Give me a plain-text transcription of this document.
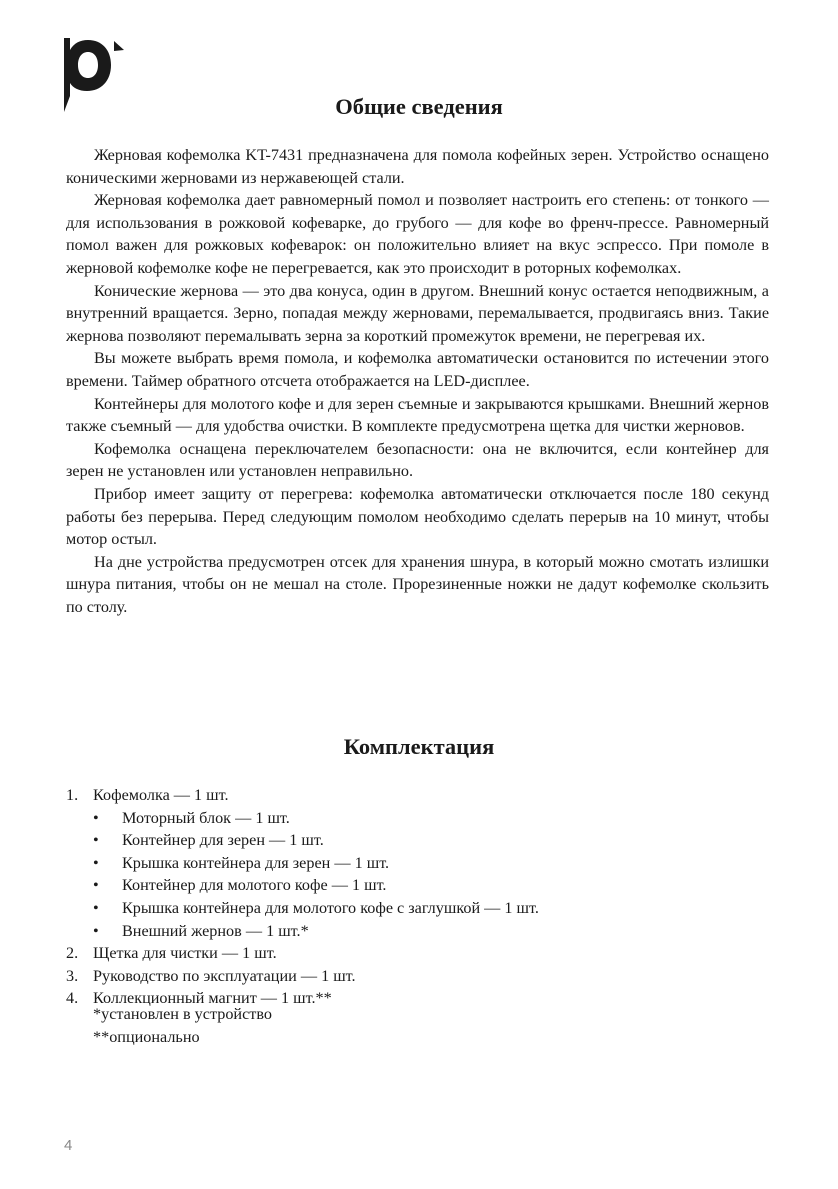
Общие сведения

Жерновая кофемолка KT-7431 предназначена для помола кофейных зерен. Устройство оснащено коническими жерновами из нержавеющей стали.

Жерновая кофемолка дает равномерный помол и позволяет настроить его степень: от тонкого — для использования в рожковой кофеварке, до грубого — для кофе во френч-прессе. Равномерный помол важен для рожковых кофеварок: он положительно влияет на вкус эспрессо. При помоле в жерновой кофемолке кофе не перегревается, как это происходит в роторных кофемолках.

Конические жернова — это два конуса, один в другом. Внешний конус остается неподвижным, а внутренний вращается. Зерно, попадая между жерновами, перемалывается, продвигаясь вниз. Такие жернова позволяют перемалывать зерна за короткий промежуток времени, не перегревая их.

Вы можете выбрать время помола, и кофемолка автоматически остановится по истечении этого времени. Таймер обратного отсчета отображается на LED-дисплее.

Контейнеры для молотого кофе и для зерен съемные и закрываются крышками. Внешний жернов также съемный — для удобства очистки. В комплекте предусмотрена щетка для чистки жерновов.

Кофемолка оснащена переключателем безопасности: она не включится, если контейнер для зерен не установлен или установлен неправильно.

Прибор имеет защиту от перегрева: кофемолка автоматически отключается после 180 секунд работы без перерыва. Перед следующим помолом необходимо сделать перерыв на 10 минут, чтобы мотор остыл.

На дне устройства предусмотрен отсек для хранения шнура, в который можно смотать излишки шнура питания, чтобы он не мешал на столе. Прорезиненные ножки не дадут кофемолке скользить по столу.

Комплектация
1. Кофемолка — 1 шт.
• Моторный блок — 1 шт.
• Контейнер для зерен — 1 шт.
• Крышка контейнера для зерен — 1 шт.
• Контейнер для молотого кофе — 1 шт.
• Крышка контейнера для молотого кофе с заглушкой — 1 шт.
• Внешний жернов — 1 шт.*
2. Щетка для чистки — 1 шт.
3. Руководство по эксплуатации — 1 шт.
4. Коллекционный магнит — 1 шт.**
*установлен в устройство
**опционально
4
